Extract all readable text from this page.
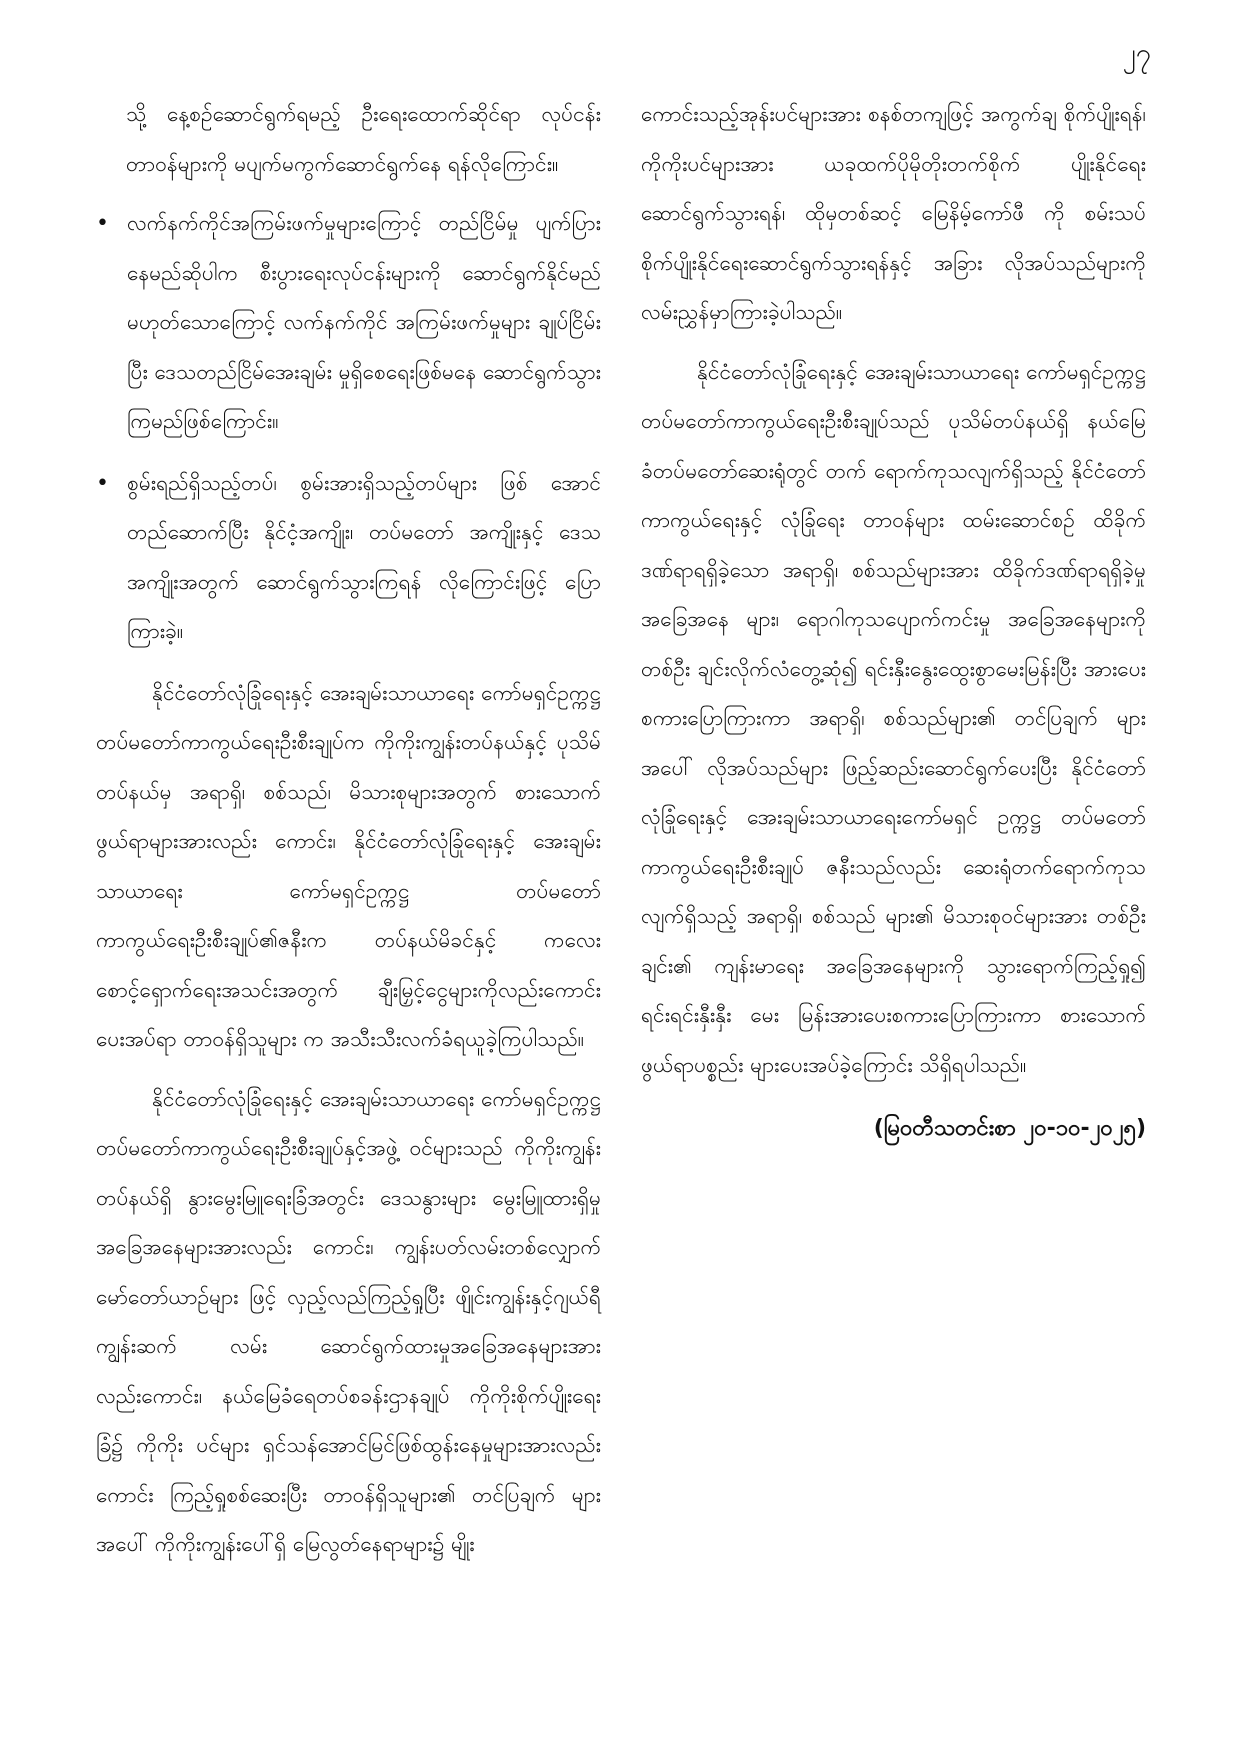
၂၇

သို့ နေ့စဉ်ဆောင်ရွက်ရမည့် ဦးရေးထောက်ဆိုင်ရာ လုပ်ငန်းတာဝန်များကို မပျက်မကွက်ဆောင်ရွက်နေ ရန်လိုကြောင်း။

• လက်နက်ကိုင်အကြမ်းဖက်မှုများကြောင့် တည်ငြိမ်မှု ပျက်ပြားနေမည်ဆိုပါက စီးပွားရေးလုပ်ငန်းများကို ဆောင်ရွက်နိုင်မည်မဟုတ်သောကြောင့် လက်နက်ကိုင် အကြမ်းဖက်မှုများ ချုပ်ငြိမ်းပြီး ဒေသတည်ငြိမ်အေးချမ်း မှုရှိစေရေးဖြစ်မနေ ဆောင်ရွက်သွားကြမည်ဖြစ်ကြောင်း။
• စွမ်းရည်ရှိသည့်တပ်၊ စွမ်းအားရှိသည့်တပ်များ ဖြစ် အောင် တည်ဆောက်ပြီး နိုင်ငံ့အကျိုး၊ တပ်မတော် အကျိုးနှင့် ဒေသအကျိုးအတွက် ဆောင်ရွက်သွားကြရန် လိုကြောင်းဖြင့် ပြောကြားခဲ့။

နိုင်ငံတော်လုံခြုံရေးနှင့် အေးချမ်းသာယာရေး ကော်မရှင်ဥက္ကဋ္ဌ တပ်မတော်ကာကွယ်ရေးဦးစီးချုပ်က ကိုကိုးကျွန်းတပ်နယ်နှင့် ပုသိမ်တပ်နယ်မှ အရာရှိ၊ စစ်သည်၊ မိသားစုများအတွက် စားသောက်ဖွယ်ရာများအားလည်း ကောင်း၊ နိုင်ငံတော်လုံခြုံရေးနှင့် အေးချမ်းသာယာရေး ကော်မရှင်ဥက္ကဋ္ဌ တပ်မတော်ကာကွယ်ရေးဦးစီးချုပ်၏ဇနီးက တပ်နယ်မိခင်နှင့် ကလေးစောင့်ရှောက်ရေးအသင်းအတွက် ချီးမြှင့်ငွေများကိုလည်းကောင်း ပေးအပ်ရာ တာဝန်ရှိသူများ က အသီးသီးလက်ခံရယူခဲ့ကြပါသည်။

နိုင်ငံတော်လုံခြုံရေးနှင့် အေးချမ်းသာယာရေး ကော်မရှင်ဥက္ကဋ္ဌ တပ်မတော်ကာကွယ်ရေးဦးစီးချုပ်နှင့်အဖွဲ့ ဝင်များသည် ကိုကိုးကျွန်းတပ်နယ်ရှိ နွားမွေးမြူရေးခြံအတွင်း ဒေသနွားများ မွေးမြူထားရှိမှု အခြေအနေများအားလည်း ကောင်း၊ ကျွန်းပတ်လမ်းတစ်လျှောက် မော်တော်ယာဉ်များ ဖြင့် လှည့်လည်ကြည့်ရှုပြီး ဖျိုင်းကျွန်းနှင့်ဂျယ်ရီကျွန်းဆက် လမ်း ဆောင်ရွက်ထားမှုအခြေအနေများအား လည်းကောင်း၊ နယ်မြေခံရေတပ်စခန်းဌာနချုပ် ကိုကိုးစိုက်ပျိုးရေးခြံ၌ ကိုကိုး ပင်များ ရှင်သန်အောင်မြင်ဖြစ်ထွန်းနေမှုများအားလည်း ကောင်း ကြည့်ရှုစစ်ဆေးပြီး တာဝန်ရှိသူများ၏ တင်ပြချက် များအပေါ် ကိုကိုးကျွန်းပေါ်ရှိ မြေလွတ်နေရာများ၌ မျိုး

ကောင်းသည့်အုန်းပင်များအား စနစ်တကျဖြင့် အကွက်ချ စိုက်ပျိုးရန်၊ ကိုကိုးပင်များအား ယခုထက်ပိုမိုတိုးတက်စိုက် ပျိုးနိုင်ရေး ဆောင်ရွက်သွားရန်၊ ထိုမှတစ်ဆင့် မြေနိမ့်ကော်ဖီ ကို စမ်းသပ်စိုက်ပျိုးနိုင်ရေးဆောင်ရွက်သွားရန်နှင့် အခြား လိုအပ်သည်များကို လမ်းညွှန်မှာကြားခဲ့ပါသည်။

နိုင်ငံတော်လုံခြုံရေးနှင့် အေးချမ်းသာယာရေး ကော်မရှင်ဥက္ကဋ္ဌ တပ်မတော်ကာကွယ်ရေးဦးစီးချုပ်သည် ပုသိမ်တပ်နယ်ရှိ နယ်မြေခံတပ်မတော်ဆေးရုံတွင် တက် ရောက်ကုသလျက်ရှိသည့် နိုင်ငံတော်ကာကွယ်ရေးနှင့် လုံခြုံရေး တာဝန်များ ထမ်းဆောင်စဉ် ထိခိုက်ဒဏ်ရာရရှိခဲ့သော အရာရှိ၊ စစ်သည်များအား ထိခိုက်ဒဏ်ရာရရှိခဲ့မှု အခြေအနေ များ၊ ရောဂါကုသပျောက်ကင်းမှု အခြေအနေများကို တစ်ဦး ချင်းလိုက်လံတွေ့ဆုံ၍ ရင်းနှီးနွေးထွေးစွာမေးမြန်းပြီး အားပေး စကားပြောကြားကာ အရာရှိ၊ စစ်သည်များ၏ တင်ပြချက် များအပေါ် လိုအပ်သည်များ ဖြည့်ဆည်းဆောင်ရွက်ပေးပြီး နိုင်ငံတော်လုံခြုံရေးနှင့် အေးချမ်းသာယာရေးကော်မရှင် ဥက္ကဋ္ဌ တပ်မတော်ကာကွယ်ရေးဦးစီးချုပ် ဇနီးသည်လည်း ဆေးရုံတက်ရောက်ကုသလျက်ရှိသည့် အရာရှိ၊ စစ်သည် များ၏ မိသားစုဝင်များအား တစ်ဦးချင်း၏ ကျန်းမာရေး အခြေအနေများကို သွားရောက်ကြည့်ရှု၍ ရင်းရင်းနှီးနှီး မေး မြန်းအားပေးစကားပြောကြားကာ စားသောက်ဖွယ်ရာပစ္စည်း များပေးအပ်ခဲ့ကြောင်း သိရှိရပါသည်။

(မြဝတီသတင်းစာ ၂၀-၁၀-၂၀၂၅)
